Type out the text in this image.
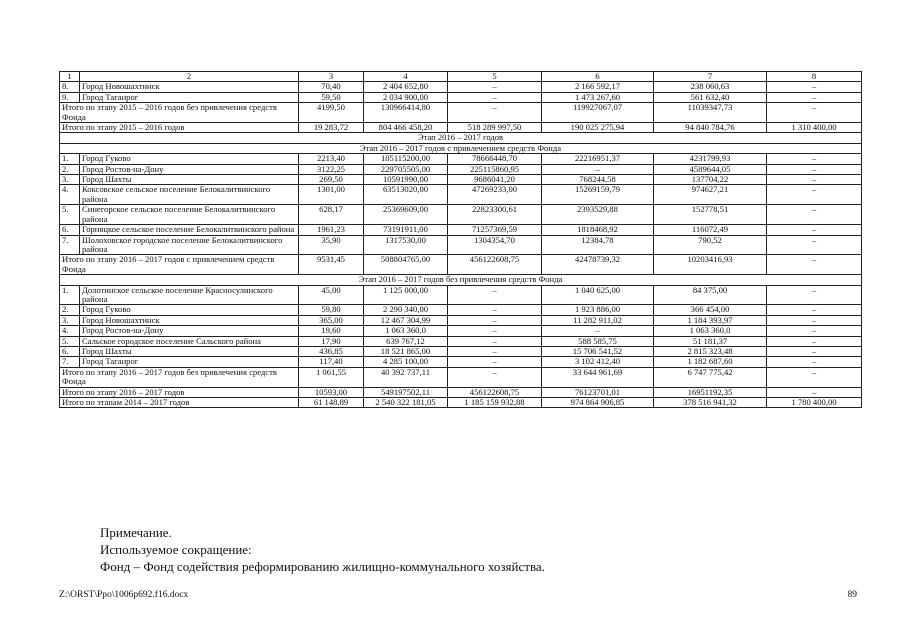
1	2	3	4	5	6	7	8
8.	Город Новошахтинск	70,40	2 404 652,80	–	2 166 592,17	238 060,63	–
9.	Город Таганрог	59,50	2 034 900,00	–	1 473 267,60	561 632,40	–
Итого по этапу 2015 – 2016 годов без привлечения средств Фонда		4199,50	130966414,80	–	119927067,07	11039347,73	–
Итого по этапу 2015 – 2016 годов		19 283,72	804 466 458,20	518 289 997,50	190 025 275,94	94 840 784,76	1 310 400,00
Этап 2016 – 2017 годов							
Этап 2016 – 2017 годов с привлечением средств Фонда							
1.	Город Гуково	2213,40	105115200,00	78666448,70	22216951,37	4231799,93	–
2.	Город Ростов-на-Дону	3122,25	229705505,00	225115860,95	–	4589644,05	–
3.	Город Шахты	269,50	10591990,00	9686041,20	768244,58	137704,22	–
4.	Коксовское сельское поселение Белокалитвинского района	1301,00	63513020,00	47269233,00	15269159,79	974627,21	–
5.	Синегорское сельское поселение Белокалитвинского района	628,17	25369609,00	22823300,61	2393529,88	152778,51	–
6.	Горняцкое сельское поселение Белокалитвинского района	1961,23	73191911,00	71257369,59	1818468,92	116072,49	–
7.	Шолоховское городское поселение Белокалитвинского района	35,90	1317530,00	1304354,70	12384,78	790,52	–
Итого по этапу 2016 – 2017 годов с привлечением средств Фонда		9531,45	508804765,00	456122608,75	42478739,32	10203416,93	–
Этап 2016 – 2017 годов без привлечения средств Фонда							
1.	Долотинское сельское поселение Красносулинского района	45,00	1 125 000,00	–	1 040 625,00	84 375,00	–
2.	Город Гуково	59,80	2 290 340,00	–	1 923 886,00	366 454,00	–
3.	Город Новошахтинск	365,00	12 467 304,99	–	11 282 911,02	1 184 393,97	–
4.	Город Ростов-на-Дону	19,60	1 063 360,0	–	–	1 063 360,0	–
5.	Сальское городское поселение Сальского района	17,90	639 767,12	–	588 585,75	51 181,37	–
6.	Город Шахты	436,85	18 521 865,00	–	15 706 541,52	2 815 323,48	–
7.	Город Таганрог	117,40	4 285 100,00	–	3 102 412,40	1 182 687,60	–
Итого по этапу 2016 – 2017 годов без привлечения средств Фонда		1 061,55	40 392 737,11	–	33 644 961,69	6 747 775,42	–
Итого по этапу 2016 – 2017 годов		10593,00	549197502,11	456122608,75	76123701,01	16951192,35	–
Итого по этапам 2014 – 2017 годов		61 148,89	2 540 322 181,05	1 185 159 932,88	974 864 906,85	378 516 941,32	1 780 400,00
Примечание.
Используемое сокращение:
Фонд – Фонд содействия реформированию жилищно-коммунального хозяйства.
Z:\ORST\Ppo\1006p692.f16.docx	89
